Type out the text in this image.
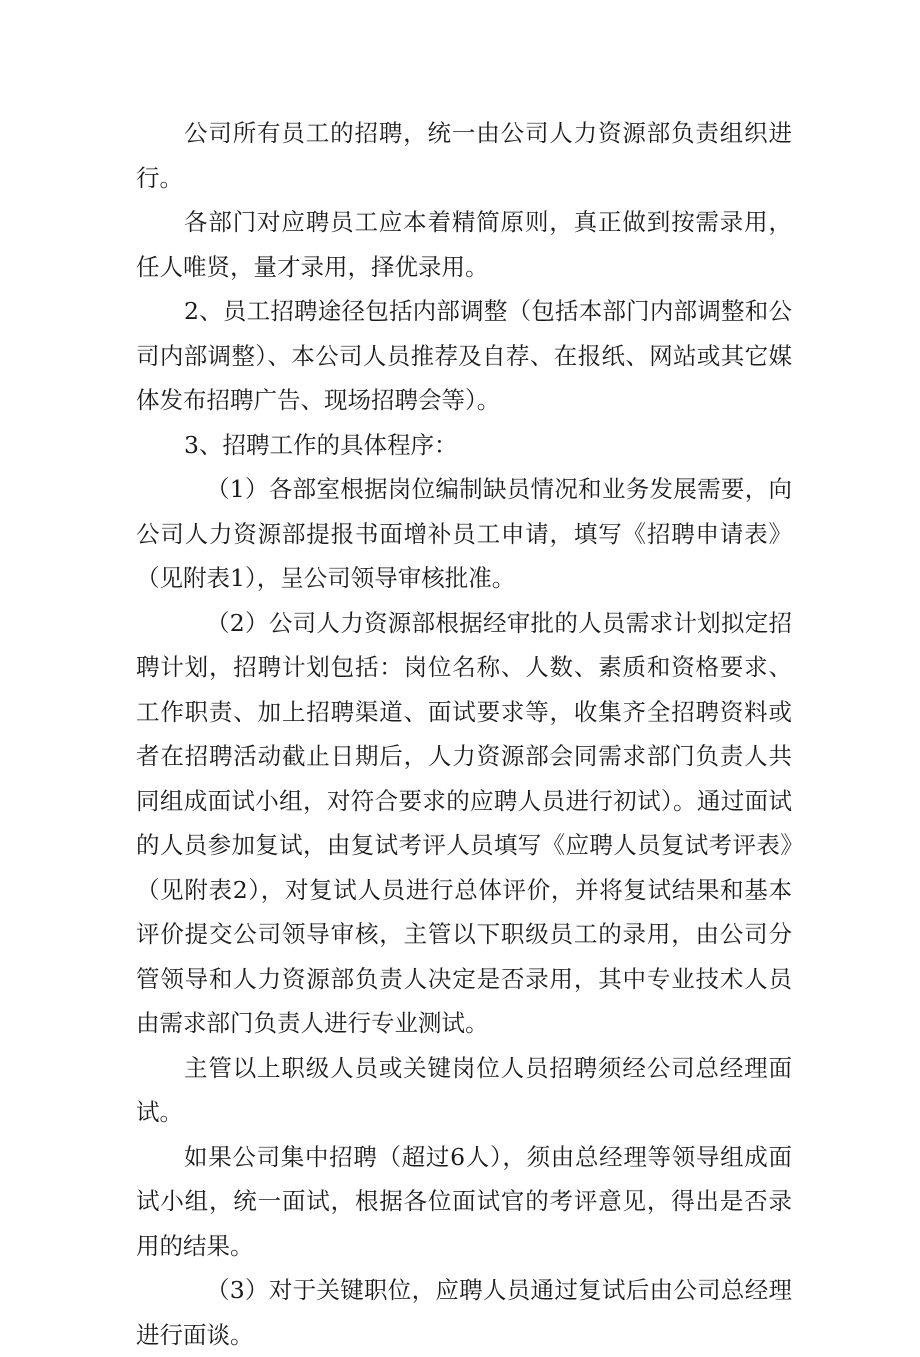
公司所有员工的招聘，统一由公司人力资源部负责组织进行。

各部门对应聘员工应本着精简原则，真正做到按需录用，任人唯贤，量才录用，择优录用。

2、员工招聘途径包括内部调整（包括本部门内部调整和公司内部调整）、本公司人员推荐及自荐、在报纸、网站或其它媒体发布招聘广告、现场招聘会等）。

3、招聘工作的具体程序：

（1）各部室根据岗位编制缺员情况和业务发展需要，向公司人力资源部提报书面增补员工申请，填写《招聘申请表》（见附表1），呈公司领导审核批准。

（2）公司人力资源部根据经审批的人员需求计划拟定招聘计划，招聘计划包括：岗位名称、人数、素质和资格要求、工作职责、加上招聘渠道、面试要求等，收集齐全招聘资料或者在招聘活动截止日期后，人力资源部会同需求部门负责人共同组成面试小组，对符合要求的应聘人员进行初试）。通过面试的人员参加复试，由复试考评人员填写《应聘人员复试考评表》（见附表2），对复试人员进行总体评价，并将复试结果和基本评价提交公司领导审核，主管以下职级员工的录用，由公司分管领导和人力资源部负责人决定是否录用，其中专业技术人员由需求部门负责人进行专业测试。

主管以上职级人员或关键岗位人员招聘须经公司总经理面试。

如果公司集中招聘（超过6人），须由总经理等领导组成面试小组，统一面试，根据各位面试官的考评意见，得出是否录用的结果。

（3）对于关键职位，应聘人员通过复试后由公司总经理进行面谈。
